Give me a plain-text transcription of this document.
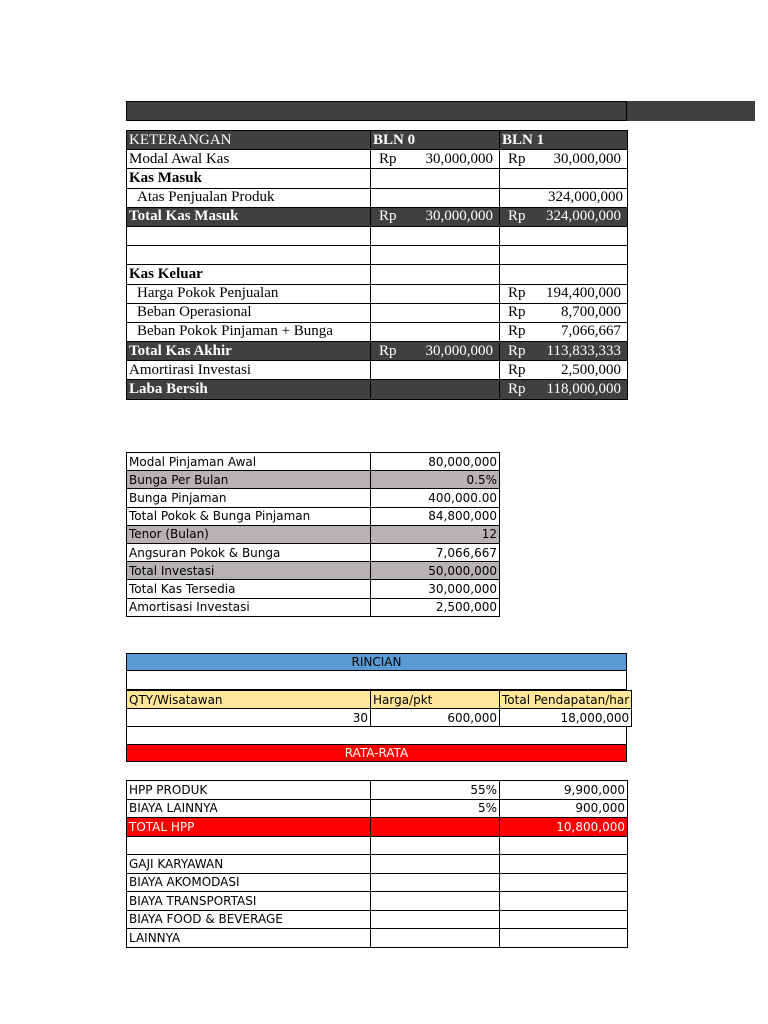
KETERANGAN	BLN 0	BLN 1
Modal Awal Kas	Rp 30,000,000	Rp 30,000,000

Kas Masuk		
Atas Penjualan Produk		324,000,000
Total Kas Masuk	Rp 30,000,000	Rp 324,000,000

Kas Keluar		
Harga Pokok Penjualan		Rp 194,400,000

Beban Operasional		Rp 8,700,000

Beban Pokok Pinjaman + Bunga		Rp 7,066,667

Total Kas Akhir	Rp 30,000,000	Rp 113,833,333

Amortirasi Investasi		Rp 2,500,000

Laba Bersih		Rp 118,000,000
Modal Pinjaman Awal	80,000,000
Bunga Per Bulan	0.5%
Bunga Pinjaman	400,000.00
Total Pokok & Bunga Pinjaman	84,800,000
Tenor (Bulan)	12
Angsuran Pokok & Bunga	7,066,667
Total Investasi	50,000,000
Total Kas Tersedia	30,000,000
Amortisasi Investasi	2,500,000
RINCIAN
QTY/Wisatawan	Harga/pkt	Total Pendapatan/har
30	600,000	18,000,000
RATA-RATA
HPP PRODUK	55%	9,900,000
BIAYA LAINNYA	5%	900,000
TOTAL HPP		10,800,000

GAJI KARYAWAN		
BIAYA AKOMODASI		
BIAYA TRANSPORTASI		
BIAYA FOOD & BEVERAGE		
LAINNYA		
